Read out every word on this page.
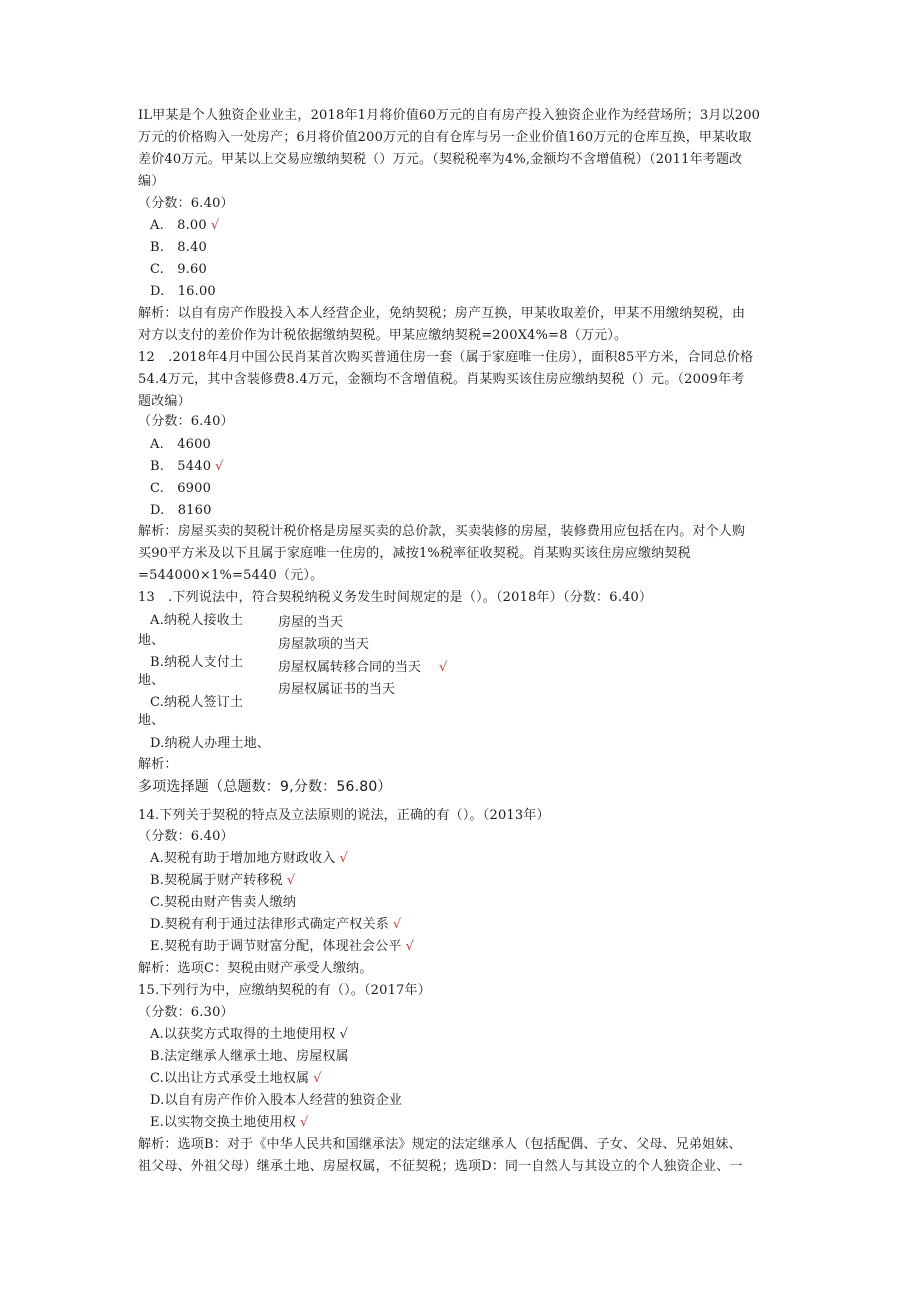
IL甲某是个人独资企业业主，2018年1月将价值60万元的自有房产投入独资企业作为经营场所；3月以200
万元的价格购入一处房产；6月将价值200万元的自有仓库与另一企业价值160万元的仓库互换，甲某收取
差价40万元。甲某以上交易应缴纳契税（）万元。（契税税率为4%,金额均不含增值税）（2011年考题改
编）
（分数：6.40）
A.　8.00 √
B.　8.40
C.　9.60
D.　16.00
解析：以自有房产作股投入本人经营企业，免纳契税；房产互换，甲某收取差价，甲某不用缴纳契税，由
对方以支付的差价作为计税依据缴纳契税。甲某应缴纳契税=200X4%=8（万元）。
12　.2018年4月中国公民肖某首次购买普通住房一套（属于家庭唯一住房），面积85平方米，合同总价格
54.4万元，其中含装修费8.4万元，金额均不含增值税。肖某购买该住房应缴纳契税（）元。（2009年考
题改编）
（分数：6.40）
A.　4600
B.　5440 √
C.　6900
D.　8160
解析：房屋买卖的契税计税价格是房屋买卖的总价款，买卖装修的房屋，装修费用应包括在内。对个人购
买90平方米及以下且属于家庭唯一住房的，减按1%税率征收契税。肖某购买该住房应缴纳契税
=544000×1%=5440（元）。
13　.下列说法中，符合契税纳税义务发生时间规定的是（）。（2018年）（分数：6.40）
A.纳税人接收土
地、
B.纳税人支付土
地、
C.纳税人签订土
地、
D.纳税人办理土地、
房屋的当天
房屋款项的当天
房屋权属转移合同的当天 √
房屋权属证书的当天
解析：
多项选择题（总题数：9,分数：56.80）
14.下列关于契税的特点及立法原则的说法，正确的有（）。（2013年）
（分数：6.40）
A.契税有助于增加地方财政收入 √
B.契税属于财产转移税 √
C.契税由财产售卖人缴纳
D.契税有利于通过法律形式确定产权关系 √
E.契税有助于调节财富分配，体现社会公平 √
解析：选项C：契税由财产承受人缴纳。
15.下列行为中，应缴纳契税的有（）。（2017年）
（分数：6.30）
A.以获奖方式取得的土地使用权 √
B.法定继承人继承土地、房屋权属
C.以出让方式承受土地权属 √
D.以自有房产作价入股本人经营的独资企业
E.以实物交换土地使用权 √
解析：选项B：对于《中华人民共和国继承法》规定的法定继承人（包括配偶、子女、父母、兄弟姐妹、
祖父母、外祖父母）继承土地、房屋权属，不征契税；选项D：同一自然人与其设立的个人独资企业、一
